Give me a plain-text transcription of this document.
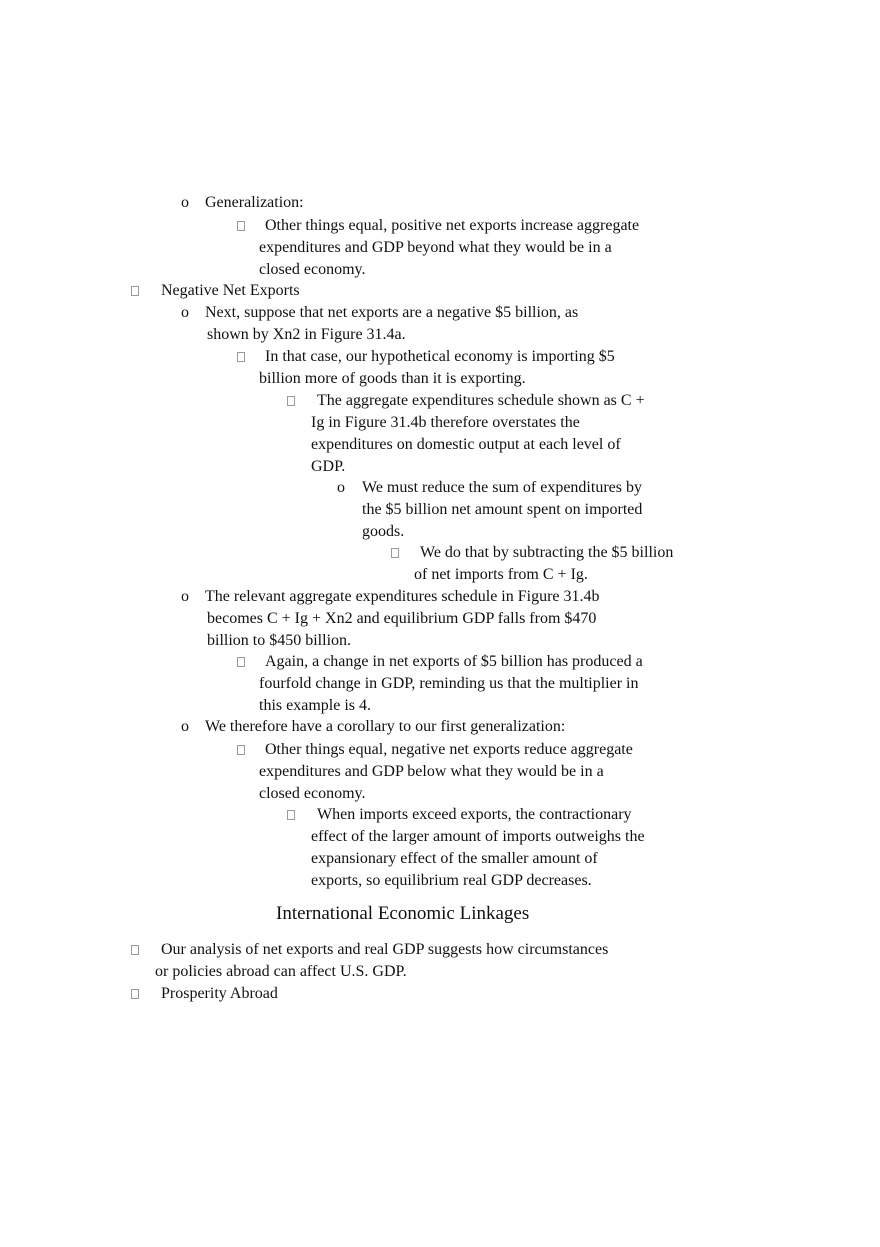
o Generalization:
Other things equal, positive net exports increase aggregate
expenditures and GDP beyond what they would be in a
closed economy.
Negative Net Exports
o Next, suppose that net exports are a negative $5 billion, as
shown by Xn2 in Figure 31.4a.
In that case, our hypothetical economy is importing $5
billion more of goods than it is exporting.
The aggregate expenditures schedule shown as C +
Ig in Figure 31.4b therefore overstates the
expenditures on domestic output at each level of
GDP.
o We must reduce the sum of expenditures by
the $5 billion net amount spent on imported
goods.
We do that by subtracting the $5 billion
of net imports from C + Ig.
o The relevant aggregate expenditures schedule in Figure 31.4b
becomes C + Ig + Xn2 and equilibrium GDP falls from $470
billion to $450 billion.
Again, a change in net exports of $5 billion has produced a
fourfold change in GDP, reminding us that the multiplier in
this example is 4.
o We therefore have a corollary to our first generalization:
Other things equal, negative net exports reduce aggregate
expenditures and GDP below what they would be in a
closed economy.
When imports exceed exports, the contractionary
effect of the larger amount of imports outweighs the
expansionary effect of the smaller amount of
exports, so equilibrium real GDP decreases.
International Economic Linkages
Our analysis of net exports and real GDP suggests how circumstances
or policies abroad can affect U.S. GDP.
Prosperity Abroad
